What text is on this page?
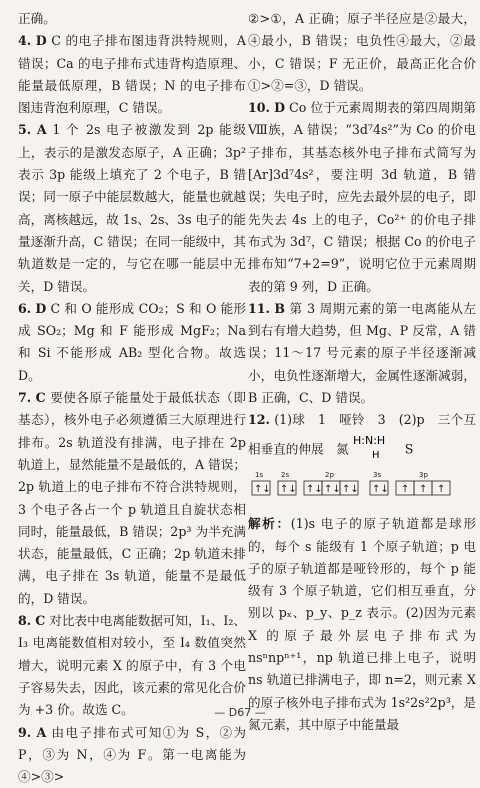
正确。

4. D C 的电子排布图违背洪特规则，A 错误；Ca 的电子排布式违背构造原理、能量最低原理，B 错误；N 的电子排布图违背泡利原理，C 错误。

5. A 1 个 2s 电子被激发到 2p 能级上，表示的是激发态原子，A 正确；3p² 表示 3p 能级上填充了 2 个电子，B 错误；同一原子中能层数越大，能量也就越高，离核越远，故 1s、2s、3s 电子的能量逐渐升高，C 错误；在同一能级中，其轨道数是一定的，与它在哪一能层中无关，D 错误。

6. D C 和 O 能形成 CO₂；S 和 O 能形成 SO₂；Mg 和 F 能形成 MgF₂；Na 和 Si 不能形成 AB₂ 型化合物。故选 D。

7. C 要使各原子能量处于最低状态（即基态），核外电子必须遵循三大原理进行排布。2s 轨道没有排满，电子排在 2p 轨道上，显然能量不是最低的，A 错误；2p 轨道上的电子排布不符合洪特规则，3 个电子各占一个 p 轨道且自旋状态相同时，能量最低，B 错误；2p³ 为半充满状态，能量最低，C 正确；2p 轨道未排满，电子排在 3s 轨道，能量不是最低的，D 错误。

8. C 对比表中电离能数据可知，I₁、I₂、I₃ 电离能数值相对较小，至 I₄ 数值突然增大，说明元素 X 的原子中，有 3 个电子容易失去，因此，该元素的常见化合价为 +3 价。故选 C。

9. A 由电子排布式可知①为 S，②为 P，③为 N，④为 F。第一电离能为④>③>

②>①，A 正确；原子半径应是②最大，④最小，B 错误；电负性④最大，②最小，C 错误；F 无正价，最高正化合价①>②=③，D 错误。

10. D Co 位于元素周期表的第四周期第Ⅷ族，A 错误；“3d⁷4s²”为 Co 的价电子排布，其基态核外电子排布式简写为 [Ar]3d⁷4s²，要注明 3d 轨道，B 错误；失电子时，应先去最外层的电子，即先失去 4s 上的电子，Co²⁺ 的价电子排布式为 3d⁷，C 错误；根据 Co 的价电子排布知“7+2=9”，说明它位于元素周期表的第 9 列，D 正确。

11. B 第 3 周期元素的第一电离能从左到右有增大趋势，但 Mg、P 反常，A 错误；11～17 号元素的原子半径逐渐减小，电负性逐渐增大，金属性逐渐减弱，B 正确，C、D 错误。

12. (1)球　1　哑铃　3　(2)p　三个互相垂直的伸展　氮
H:N:H
H S

1s	2s	2p	3s	3p
↑↓ ↑↓ ↑↓ ↑↓ ↑↓ ↑↓ ↑ ↑ ↑

解析：(1)s 电子的原子轨道都是球形的，每个 s 能级有 1 个原子轨道；p 电子的原子轨道都是哑铃形的，每个 p 能级有 3 个原子轨道，它们相互垂直，分别以 pₓ、p_y、p_z 表示。(2)因为元素 X 的原子最外层电子排布式为 nsⁿnpⁿ⁺¹，np 轨道已排上电子，说明 ns 轨道已排满电子，即 n=2，则元素 X 的原子核外电子排布式为 1s²2s²2p³，是氮元素，其中原子中能量最

— D67 —
